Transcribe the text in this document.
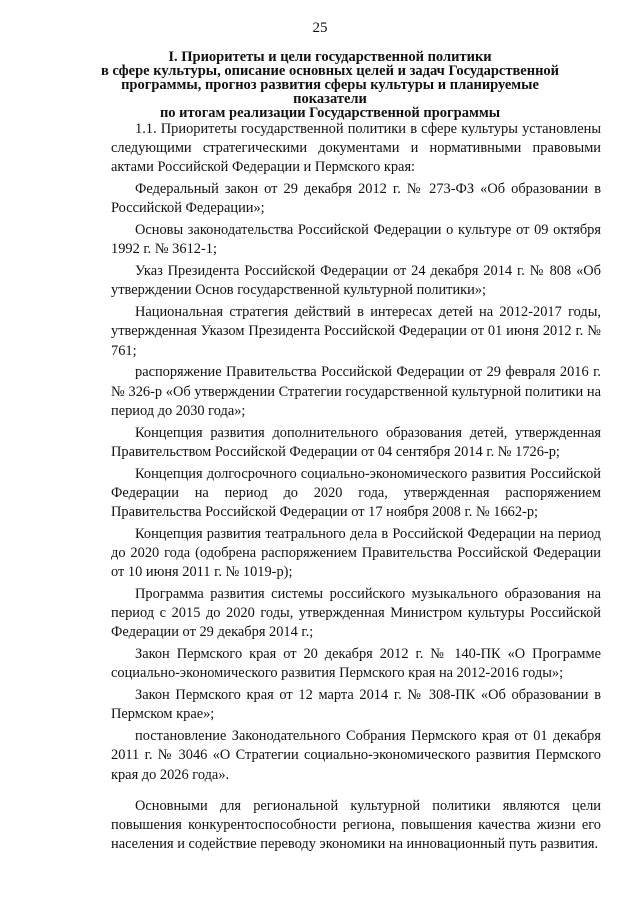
25
I. Приоритеты и цели государственной политики
в сфере культуры, описание основных целей и задач Государственной
программы, прогноз развития сферы культуры и планируемые показатели
по итогам реализации Государственной программы

1.1. Приоритеты государственной политики в сфере культуры установлены следующими стратегическими документами и нормативными правовыми актами Российской Федерации и Пермского края:

Федеральный закон от 29 декабря 2012 г. № 273-ФЗ «Об образовании в Российской Федерации»;

Основы законодательства Российской Федерации о культуре от 09 октября 1992 г. № 3612-1;

Указ Президента Российской Федерации от 24 декабря 2014 г. № 808 «Об утверждении Основ государственной культурной политики»;

Национальная стратегия действий в интересах детей на 2012-2017 годы, утвержденная Указом Президента Российской Федерации от 01 июня 2012 г. № 761;

распоряжение Правительства Российской Федерации от 29 февраля 2016 г. № 326-р «Об утверждении Стратегии государственной культурной политики на период до 2030 года»;

Концепция развития дополнительного образования детей, утвержденная Правительством Российской Федерации от 04 сентября 2014 г. № 1726-р;

Концепция долгосрочного социально-экономического развития Российской Федерации на период до 2020 года, утвержденная распоряжением Правительства Российской Федерации от 17 ноября 2008 г. № 1662-р;

Концепция развития театрального дела в Российской Федерации на период до 2020 года (одобрена распоряжением Правительства Российской Федерации от 10 июня 2011 г. № 1019-р);

Программа развития системы российского музыкального образования на период с 2015 до 2020 годы, утвержденная Министром культуры Российской Федерации от 29 декабря 2014 г.;

Закон Пермского края от 20 декабря 2012 г. № 140-ПК «О Программе социально-экономического развития Пермского края на 2012-2016 годы»;

Закон Пермского края от 12 марта 2014 г. № 308-ПК «Об образовании в Пермском крае»;

постановление Законодательного Собрания Пермского края от 01 декабря 2011 г. № 3046 «О Стратегии социально-экономического развития Пермского края до 2026 года».

Основными для региональной культурной политики являются цели повышения конкурентоспособности региона, повышения качества жизни его населения и содействие переводу экономики на инновационный путь развития.
